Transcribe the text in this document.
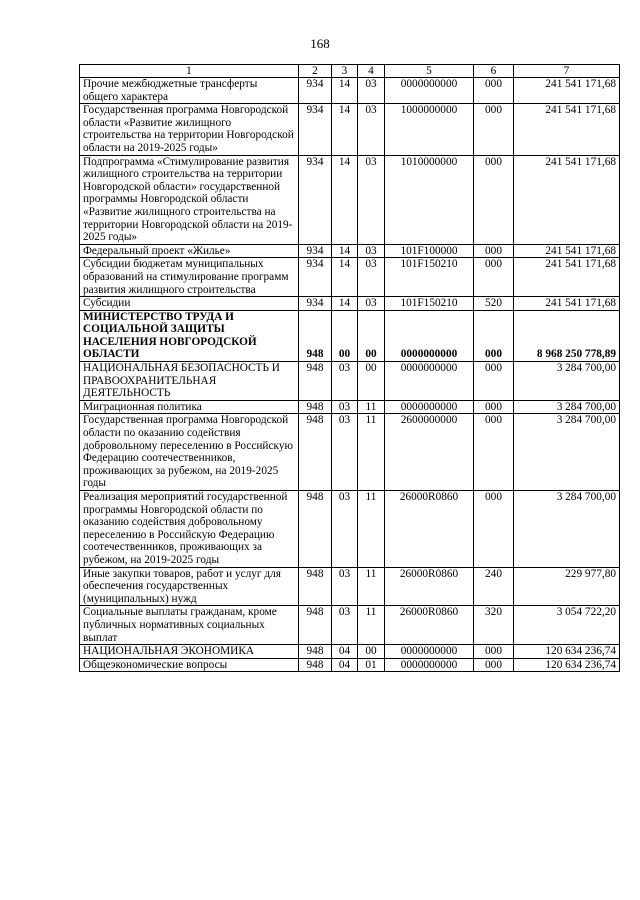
168
1	2	3	4	5	6	7
Прочие межбюджетные трансферты общего характера	934	14	03	0000000000	000	241 541 171,68
Государственная программа Новгородской области «Развитие жилищного строительства на территории Новгородской области на 2019-2025 годы»	934	14	03	1000000000	000	241 541 171,68
Подпрограмма «Стимулирование развития жилищного строительства на территории Новгородской области» государственной программы Новгородской области «Развитие жилищного строительства на территории Новгородской области на 2019-2025 годы»	934	14	03	1010000000	000	241 541 171,68
Федеральный проект «Жилье»	934	14	03	101F100000	000	241 541 171,68
Субсидии бюджетам муниципальных образований на стимулирование программ развития жилищного строительства	934	14	03	101F150210	000	241 541 171,68
Субсидии	934	14	03	101F150210	520	241 541 171,68
МИНИСТЕРСТВО ТРУДА И СОЦИАЛЬНОЙ ЗАЩИТЫ НАСЕЛЕНИЯ НОВГОРОДСКОЙ ОБЛАСТИ	948	00	00	0000000000	000	8 968 250 778,89
НАЦИОНАЛЬНАЯ БЕЗОПАСНОСТЬ И ПРАВООХРАНИТЕЛЬНАЯ ДЕЯТЕЛЬНОСТЬ	948	03	00	0000000000	000	3 284 700,00
Миграционная политика	948	03	11	0000000000	000	3 284 700,00
Государственная программа Новгородской области по оказанию содействия добровольному переселению в Российскую Федерацию соотечественников, проживающих за рубежом, на 2019-2025 годы	948	03	11	2600000000	000	3 284 700,00
Реализация мероприятий государственной программы Новгородской области по оказанию содействия добровольному переселению в Российскую Федерацию соотечественников, проживающих за рубежом, на 2019-2025 годы	948	03	11	26000R0860	000	3 284 700,00
Иные закупки товаров, работ и услуг для обеспечения государственных (муниципальных) нужд	948	03	11	26000R0860	240	229 977,80
Социальные выплаты гражданам, кроме публичных нормативных социальных выплат	948	03	11	26000R0860	320	3 054 722,20
НАЦИОНАЛЬНАЯ ЭКОНОМИКА	948	04	00	0000000000	000	120 634 236,74
Общеэкономические вопросы	948	04	01	0000000000	000	120 634 236,74
